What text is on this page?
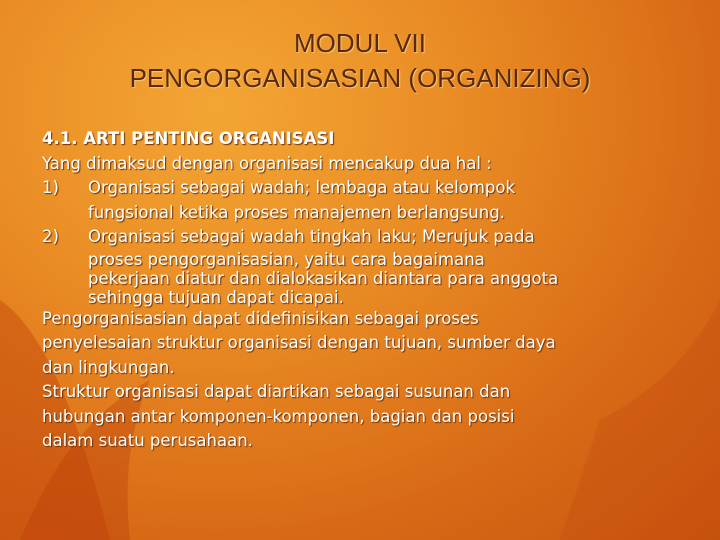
MODUL VII
PENGORGANISASIAN (ORGANIZING)
4.1. ARTI PENTING ORGANISASI
Yang dimaksud dengan organisasi mencakup dua hal :
1) Organisasi sebagai wadah; lembaga atau kelompok
fungsional ketika proses manajemen berlangsung.
2) Organisasi sebagai wadah tingkah laku; Merujuk pada
proses pengorganisasian, yaitu cara bagaimana
pekerjaan diatur dan dialokasikan diantara para anggota
sehingga tujuan dapat dicapai.
Pengorganisasian dapat didefinisikan sebagai proses
penyelesaian struktur organisasi dengan tujuan, sumber daya
dan lingkungan.
Struktur organisasi dapat diartikan sebagai susunan dan
hubungan antar komponen-komponen, bagian dan posisi
dalam suatu perusahaan.
